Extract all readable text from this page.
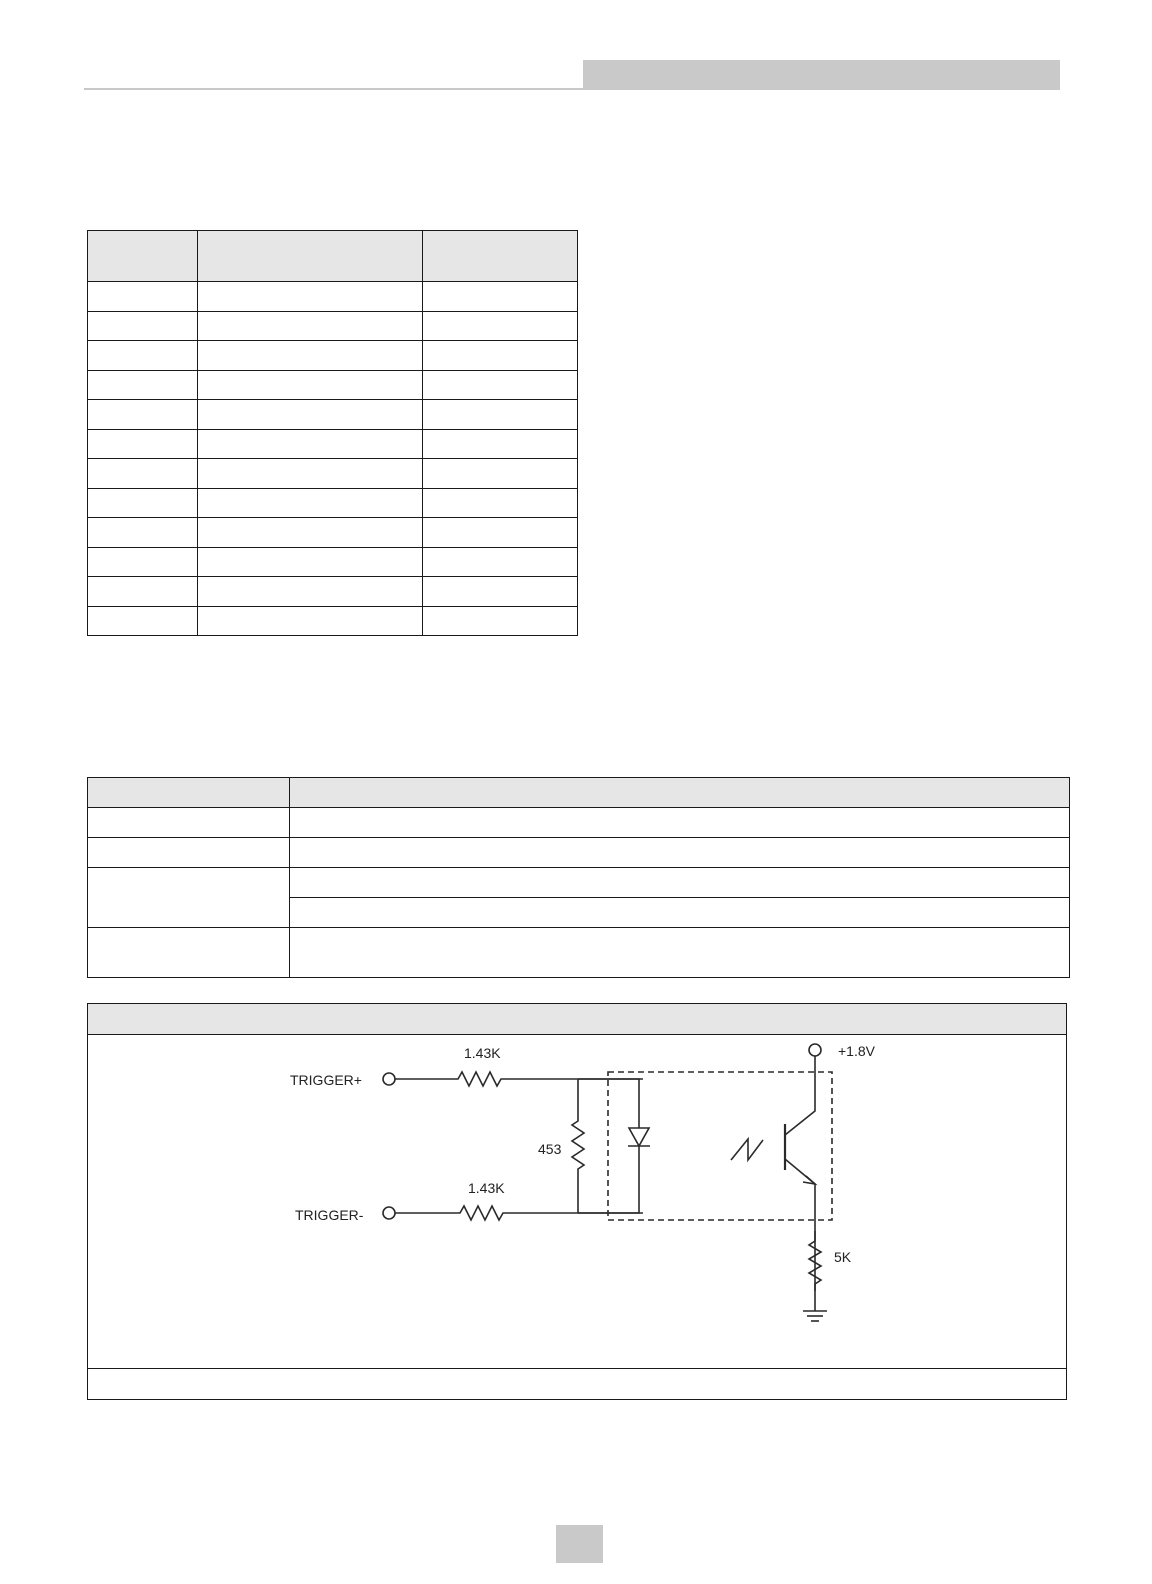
TRIGGER+
TRIGGER-
1.43K
1.43K
453
+1.8V
5K
